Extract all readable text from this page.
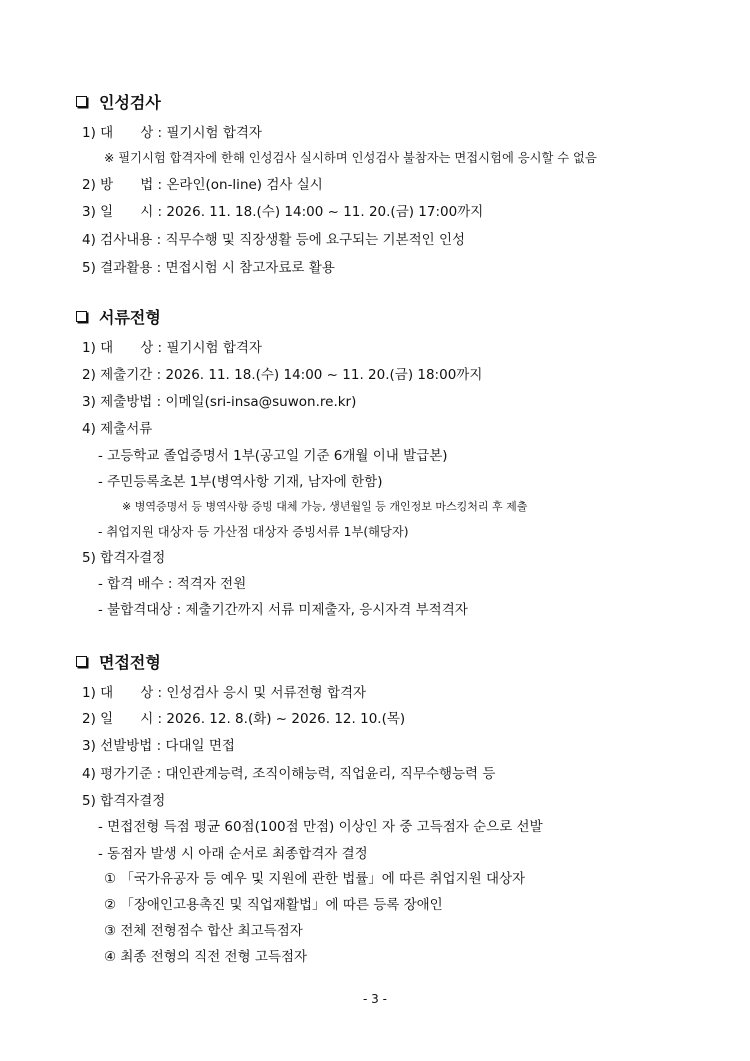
인성검사
1) 대　　상 : 필기시험 합격자
※ 필기시험 합격자에 한해 인성검사 실시하며 인성검사 불참자는 면접시험에 응시할 수 없음
2) 방　　법 : 온라인(on-line) 검사 실시
3) 일　　시 : 2026. 11. 18.(수) 14:00 ~ 11. 20.(금) 17:00까지
4) 검사내용 : 직무수행 및 직장생활 등에 요구되는 기본적인 인성
5) 결과활용 : 면접시험 시 참고자료로 활용
서류전형
1) 대　　상 : 필기시험 합격자
2) 제출기간 : 2026. 11. 18.(수) 14:00 ~ 11. 20.(금) 18:00까지
3) 제출방법 : 이메일(sri-insa@suwon.re.kr)
4) 제출서류
- 고등학교 졸업증명서 1부(공고일 기준 6개월 이내 발급본)
- 주민등록초본 1부(병역사항 기재, 남자에 한함)
※ 병역증명서 등 병역사항 증빙 대체 가능, 생년월일 등 개인정보 마스킹처리 후 제출
- 취업지원 대상자 등 가산점 대상자 증빙서류 1부(해당자)
5) 합격자결정
- 합격 배수 : 적격자 전원
- 불합격대상 : 제출기간까지 서류 미제출자, 응시자격 부적격자
면접전형
1) 대　　상 : 인성검사 응시 및 서류전형 합격자
2) 일　　시 : 2026. 12. 8.(화) ~ 2026. 12. 10.(목)
3) 선발방법 : 다대일 면접
4) 평가기준 : 대인관계능력, 조직이해능력, 직업윤리, 직무수행능력 등
5) 합격자결정
- 면접전형 득점 평균 60점(100점 만점) 이상인 자 중 고득점자 순으로 선발
- 동점자 발생 시 아래 순서로 최종합격자 결정
① 「국가유공자 등 예우 및 지원에 관한 법률」에 따른 취업지원 대상자
② 「장애인고용촉진 및 직업재활법」에 따른 등록 장애인
③ 전체 전형점수 합산 최고득점자
④ 최종 전형의 직전 전형 고득점자
- 3 -
